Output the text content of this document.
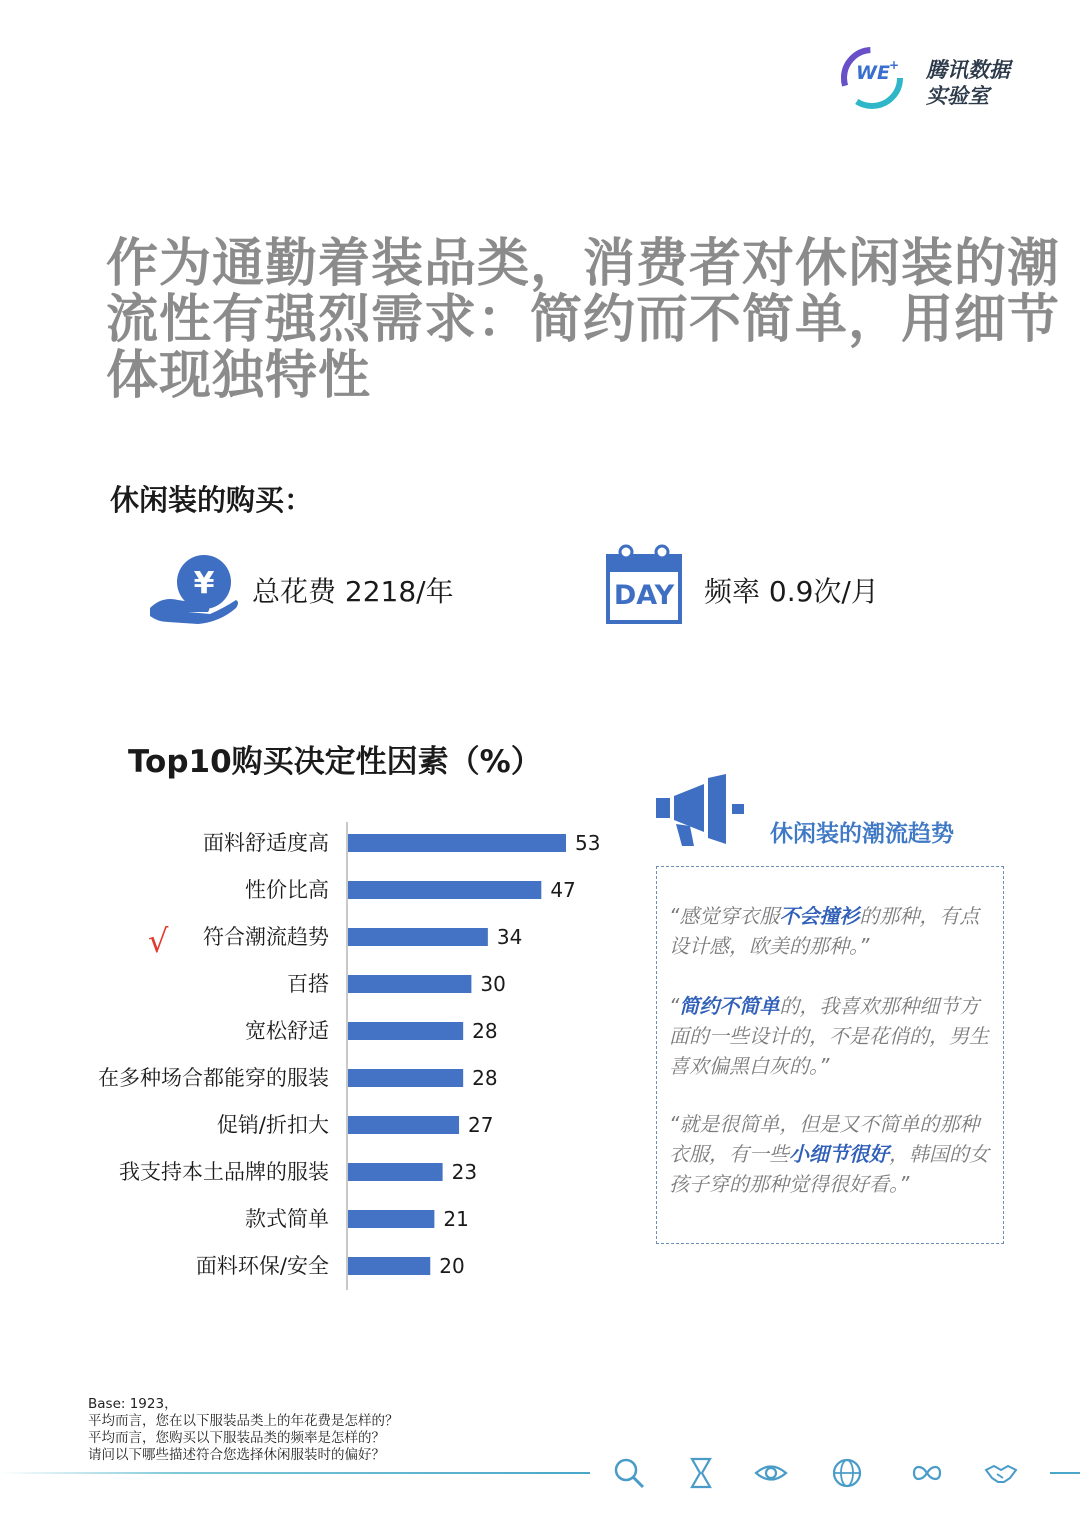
WE + 腾讯数据
实验室
作为通勤着装品类，消费者对休闲装的潮
流性有强烈需求：简约而不简单，用细节
体现独特性
休闲装的购买：
¥ 总花费 2218/年	DAY 频率 0.9次/月
Top10购买决定性因素（%）
面料舒适度高	53
性价比高	47
符合潮流趋势	34
百搭	30
宽松舒适	28
在多种场合都能穿的服装	28
促销/折扣大	27
我支持本土品牌的服装	23
款式简单	21
面料环保/安全	20
√
休闲装的潮流趋势
“感觉穿衣服不会撞衫的那种，有点设计感，欧美的那种。”
“简约不简单的，我喜欢那种细节方面的一些设计的，不是花俏的，男生喜欢偏黑白灰的。”
“就是很简单，但是又不简单的那种衣服，有一些小细节很好，韩国的女孩子穿的那种觉得很好看。”
Base: 1923，
平均而言，您在以下服装品类上的年花费是怎样的？
平均而言，您购买以下服装品类的频率是怎样的？
请问以下哪些描述符合您选择休闲服装时的偏好？
